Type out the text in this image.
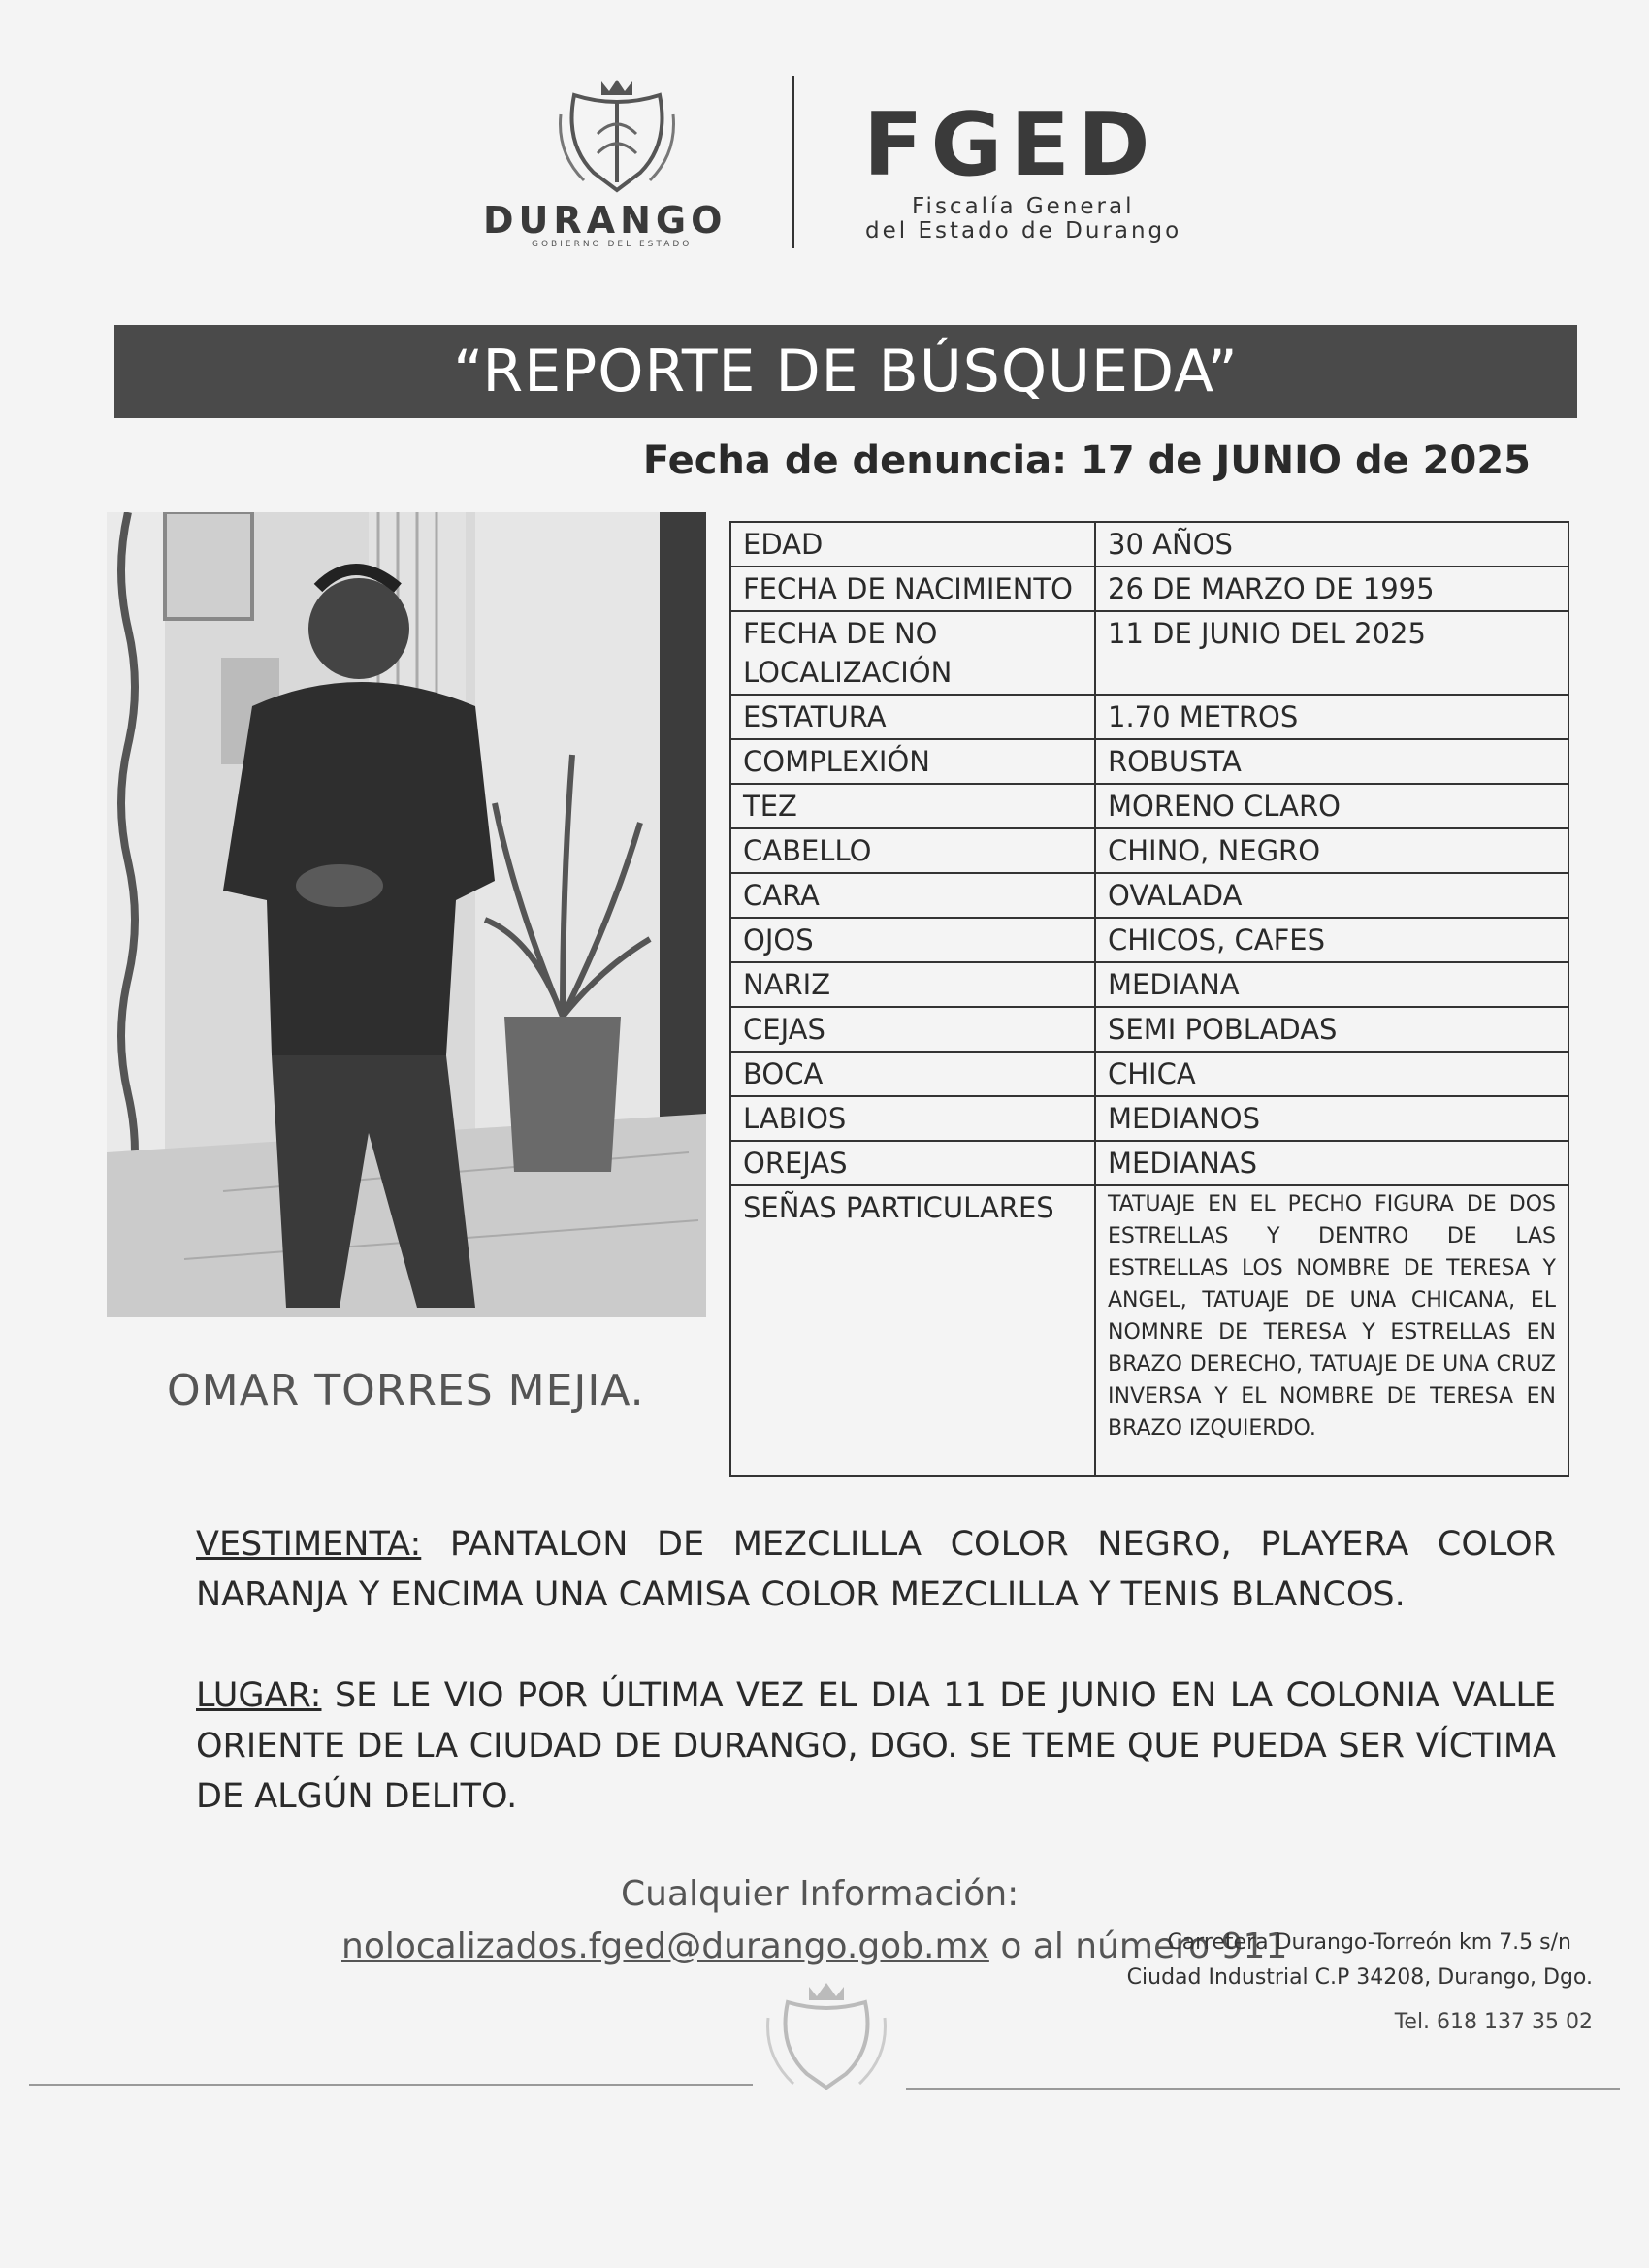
DURANGO
GOBIERNO DEL ESTADO
FGED
Fiscalía General
del Estado de Durango
“REPORTE DE BÚSQUEDA”
Fecha de denuncia: 17 de JUNIO de 2025
OMAR TORRES MEJIA.
EDAD	30 AÑOS
FECHA DE NACIMIENTO	26 DE MARZO DE 1995
FECHA DE NO LOCALIZACIÓN	11 DE JUNIO DEL 2025
ESTATURA	1.70 METROS
COMPLEXIÓN	ROBUSTA
TEZ	MORENO CLARO
CABELLO	CHINO, NEGRO
CARA	OVALADA
OJOS	CHICOS, CAFES
NARIZ	MEDIANA
CEJAS	SEMI POBLADAS
BOCA	CHICA
LABIOS	MEDIANOS
OREJAS	MEDIANAS
SEÑAS PARTICULARES	TATUAJE EN EL PECHO FIGURA DE DOS ESTRELLAS Y DENTRO DE LAS ESTRELLAS LOS NOMBRE DE TERESA Y ANGEL, TATUAJE DE UNA CHICANA, EL NOMNRE DE TERESA Y ESTRELLAS EN BRAZO DERECHO, TATUAJE DE UNA CRUZ INVERSA Y EL NOMBRE DE TERESA EN BRAZO IZQUIERDO.
VESTIMENTA: PANTALON DE MEZCLILLA COLOR NEGRO, PLAYERA COLOR NARANJA Y ENCIMA UNA CAMISA COLOR MEZCLILLA Y TENIS BLANCOS.
LUGAR: SE LE VIO POR ÚLTIMA VEZ EL DIA 11 DE JUNIO EN LA COLONIA VALLE ORIENTE DE LA CIUDAD DE DURANGO, DGO. SE TEME QUE PUEDA SER VÍCTIMA DE ALGÚN DELITO.
Cualquier Información:
nolocalizados.fged@durango.gob.mx o al número 911
Carretera Durango-Torreón km 7.5 s/n
Ciudad Industrial C.P 34208, Durango, Dgo.
Tel. 618 137 35 02
